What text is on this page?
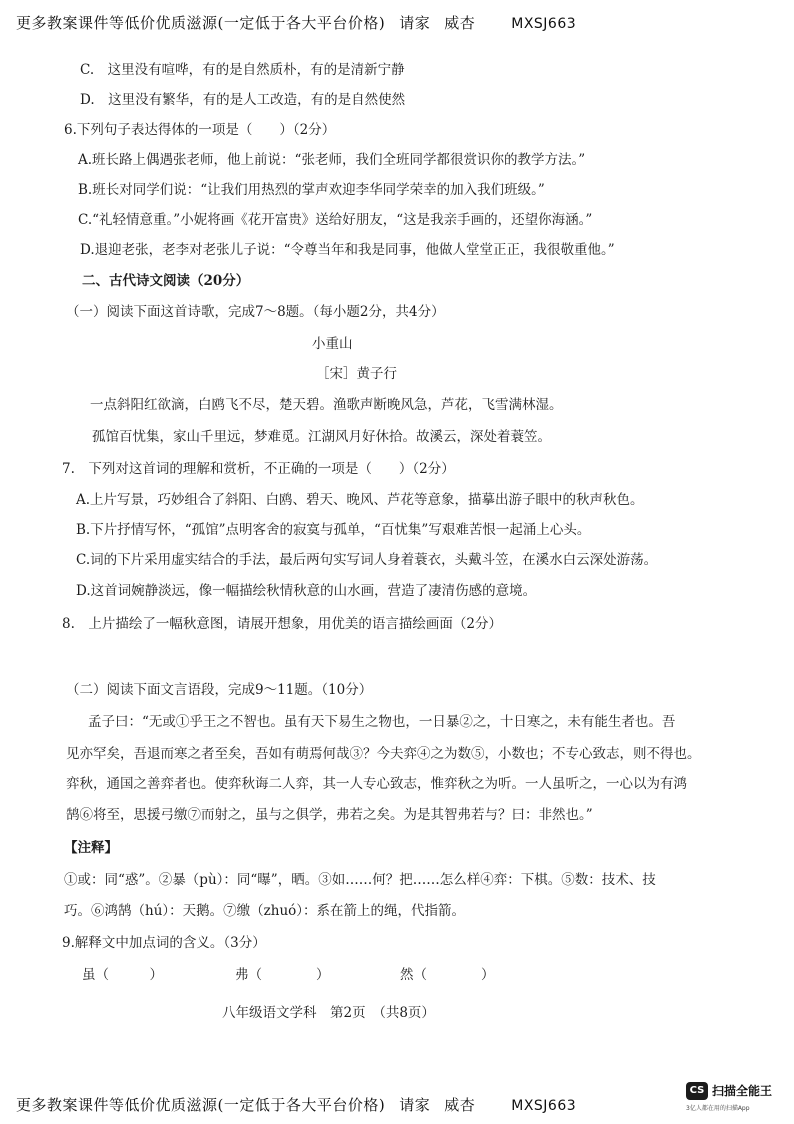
更多教案课件等低价优质滋源(一定低于各大平台价格) 请家 威杏	MXSJ663
C.　这里没有喧哗，有的是自然质朴，有的是清新宁静
D.　这里没有繁华，有的是人工改造，有的是自然使然
6.下列句子表达得体的一项是（　　）（2分）
A.班长路上偶遇张老师，他上前说：“张老师，我们全班同学都很赏识你的教学方法。”
B.班长对同学们说：“让我们用热烈的掌声欢迎李华同学荣幸的加入我们班级。”
C.“礼轻情意重。”小妮将画《花开富贵》送给好朋友，“这是我亲手画的，还望你海涵。”
D.退迎老张，老李对老张儿子说：“令尊当年和我是同事，他做人堂堂正正，我很敬重他。”
二、古代诗文阅读（20分）
（一）阅读下面这首诗歌，完成7～8题。（每小题2分，共4分）
小重山
［宋］黄子行
一点斜阳红欲滴，白鸥飞不尽，楚天碧。渔歌声断晚风急，芦花，飞雪满林湿。
孤馆百忧集，家山千里远，梦难觅。江湖风月好休拾。故溪云，深处着蓑笠。
7.　下列对这首词的理解和赏析，不正确的一项是（　　）（2分）
A.上片写景，巧妙组合了斜阳、白鸥、碧天、晚风、芦花等意象，描摹出游子眼中的秋声秋色。
B.下片抒情写怀，“孤馆”点明客舍的寂寞与孤单，“百忧集”写艰难苦恨一起涌上心头。
C.词的下片采用虚实结合的手法，最后两句实写词人身着蓑衣，头戴斗笠，在溪水白云深处游荡。
D.这首词婉静淡远，像一幅描绘秋情秋意的山水画，营造了凄清伤感的意境。
8.　上片描绘了一幅秋意图，请展开想象，用优美的语言描绘画面（2分）
（二）阅读下面文言语段，完成9～11题。（10分）
孟子曰：“无或①乎王之不智也。虽有天下易生之物也，一日暴②之，十日寒之，未有能生者也。吾
见亦罕矣，吾退而寒之者至矣，吾如有萌焉何哉③？今夫弈④之为数⑤，小数也；不专心致志，则不得也。
弈秋，通国之善弈者也。使弈秋诲二人弈，其一人专心致志，惟弈秋之为听。一人虽听之，一心以为有鸿
鹄⑥将至，思援弓缴⑦而射之，虽与之俱学，弗若之矣。为是其智弗若与？曰：非然也。”
【注释】
①或：同“惑”。②暴（pù）：同“曝”，晒。③如……何？把……怎么样④弈：下棋。⑤数：技术、技
巧。⑥鸿鹄（hú）：天鹅。⑦缴（zhuó）：系在箭上的绳，代指箭。
9.解释文中加点词的含义。（3分）
虽（　　　）	弗（　　　　）	然（　　　　）
八年级语文学科　第2页　（共8页）
更多教案课件等低价优质滋源(一定低于各大平台价格) 请家 威杏	MXSJ663
CS 扫描全能王
3亿人都在用的扫描App
